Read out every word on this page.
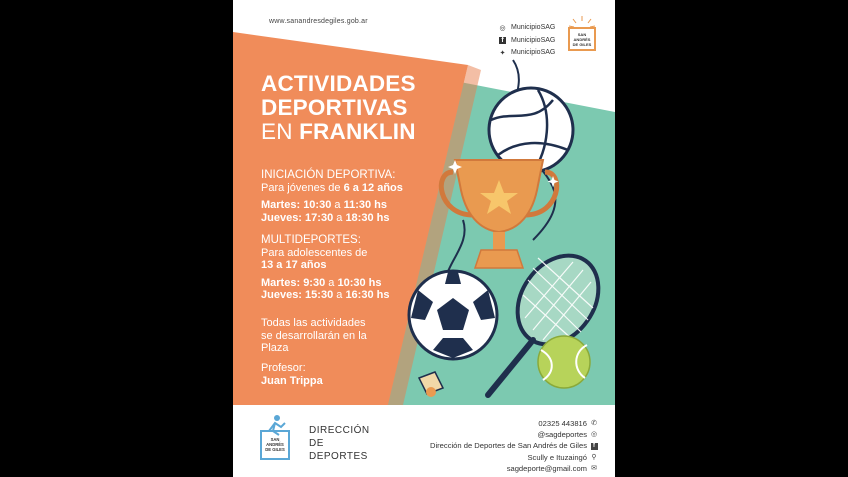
www.sanandresdegiles.gob.ar
◎ MunicipioSAG
f	MunicipioSAG
✦ MunicipioSAG
SAN
ANDRÉS
DE GILES
ACTIVIDADES
DEPORTIVAS
EN FRANKLIN
INICIACIÓN DEPORTIVA:
Para jóvenes de 6 a 12 años
Martes: 10:30 a 11:30 hs
Jueves: 17:30 a 18:30 hs
MULTIDEPORTES:
Para adolescentes de
13 a 17 años
Martes: 9:30 a 10:30 hs
Jueves: 15:30 a 16:30 hs
Todas las actividades
se desarrollarán en la
Plaza
Profesor:
Juan Trippa
SAN
ANDRÉS
DE GILES
DIRECCIÓN
DE
DEPORTES
02325 443816
@sagdeportes
Dirección de Deportes de San Andrés de Giles
Scully e Ituzaingó
sagdeporte@gmail.com
✆
◎
f
⚲
✉
